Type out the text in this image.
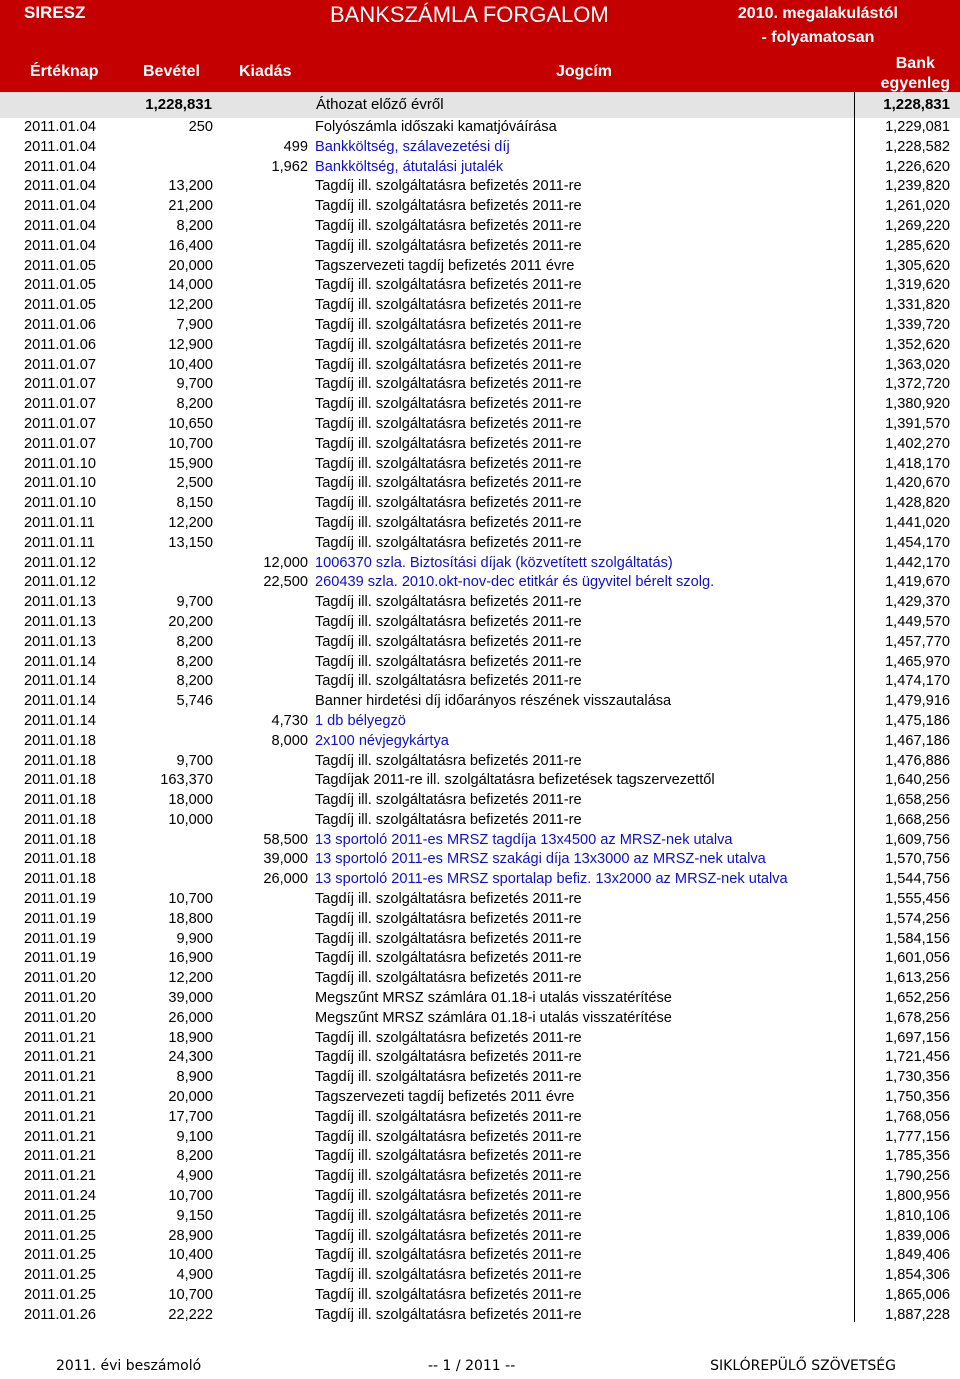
SIRESZ	BANKSZÁMLA FORGALOM	2010. megalakulástól
- folyamatosan
Értéknap	Bevétel Kiadás	Jogcím	Bank
egyenleg
1,228,831	Áthozat előző évről	1,228,831
2011.01.04	250	Folyószámla időszaki kamatjóváírása	1,229,081
2011.01.04	499 Bankköltség, szálavezetési díj	1,228,582
2011.01.04	1,962 Bankköltség, átutalási jutalék	1,226,620
2011.01.04	13,200	Tagdíj ill. szolgáltatásra befizetés 2011-re	1,239,820
2011.01.04	21,200	Tagdíj ill. szolgáltatásra befizetés 2011-re	1,261,020
2011.01.04	8,200	Tagdíj ill. szolgáltatásra befizetés 2011-re	1,269,220
2011.01.04	16,400	Tagdíj ill. szolgáltatásra befizetés 2011-re	1,285,620
2011.01.05	20,000	Tagszervezeti tagdíj befizetés 2011 évre	1,305,620
2011.01.05	14,000	Tagdíj ill. szolgáltatásra befizetés 2011-re	1,319,620
2011.01.05	12,200	Tagdíj ill. szolgáltatásra befizetés 2011-re	1,331,820
2011.01.06	7,900	Tagdíj ill. szolgáltatásra befizetés 2011-re	1,339,720
2011.01.06	12,900	Tagdíj ill. szolgáltatásra befizetés 2011-re	1,352,620
2011.01.07	10,400	Tagdíj ill. szolgáltatásra befizetés 2011-re	1,363,020
2011.01.07	9,700	Tagdíj ill. szolgáltatásra befizetés 2011-re	1,372,720
2011.01.07	8,200	Tagdíj ill. szolgáltatásra befizetés 2011-re	1,380,920
2011.01.07	10,650	Tagdíj ill. szolgáltatásra befizetés 2011-re	1,391,570
2011.01.07	10,700	Tagdíj ill. szolgáltatásra befizetés 2011-re	1,402,270
2011.01.10	15,900	Tagdíj ill. szolgáltatásra befizetés 2011-re	1,418,170
2011.01.10	2,500	Tagdíj ill. szolgáltatásra befizetés 2011-re	1,420,670
2011.01.10	8,150	Tagdíj ill. szolgáltatásra befizetés 2011-re	1,428,820
2011.01.11	12,200	Tagdíj ill. szolgáltatásra befizetés 2011-re	1,441,020
2011.01.11	13,150	Tagdíj ill. szolgáltatásra befizetés 2011-re	1,454,170
2011.01.12	12,000 1006370 szla. Biztosítási díjak (közvetített szolgáltatás)	1,442,170
2011.01.12	22,500 260439 szla. 2010.okt-nov-dec etitkár és ügyvitel bérelt szolg.	1,419,670
2011.01.13	9,700	Tagdíj ill. szolgáltatásra befizetés 2011-re	1,429,370
2011.01.13	20,200	Tagdíj ill. szolgáltatásra befizetés 2011-re	1,449,570
2011.01.13	8,200	Tagdíj ill. szolgáltatásra befizetés 2011-re	1,457,770
2011.01.14	8,200	Tagdíj ill. szolgáltatásra befizetés 2011-re	1,465,970
2011.01.14	8,200	Tagdíj ill. szolgáltatásra befizetés 2011-re	1,474,170
2011.01.14	5,746	Banner hirdetési díj időarányos részének visszautalása	1,479,916
2011.01.14	4,730 1 db bélyegzö	1,475,186
2011.01.18	8,000 2x100 névjegykártya	1,467,186
2011.01.18	9,700	Tagdíj ill. szolgáltatásra befizetés 2011-re	1,476,886
2011.01.18	163,370	Tagdíjak 2011-re ill. szolgáltatásra befizetések tagszervezettől	1,640,256
2011.01.18	18,000	Tagdíj ill. szolgáltatásra befizetés 2011-re	1,658,256
2011.01.18	10,000	Tagdíj ill. szolgáltatásra befizetés 2011-re	1,668,256
2011.01.18	58,500 13 sportoló 2011-es MRSZ tagdíja 13x4500 az MRSZ-nek utalva	1,609,756
2011.01.18	39,000 13 sportoló 2011-es MRSZ szakági díja 13x3000 az MRSZ-nek utalva	1,570,756
2011.01.18	26,000 13 sportoló 2011-es MRSZ sportalap befiz. 13x2000 az MRSZ-nek utalva	1,544,756
2011.01.19	10,700	Tagdíj ill. szolgáltatásra befizetés 2011-re	1,555,456
2011.01.19	18,800	Tagdíj ill. szolgáltatásra befizetés 2011-re	1,574,256
2011.01.19	9,900	Tagdíj ill. szolgáltatásra befizetés 2011-re	1,584,156
2011.01.19	16,900	Tagdíj ill. szolgáltatásra befizetés 2011-re	1,601,056
2011.01.20	12,200	Tagdíj ill. szolgáltatásra befizetés 2011-re	1,613,256
2011.01.20	39,000	Megszűnt MRSZ számlára 01.18-i utalás visszatérítése	1,652,256
2011.01.20	26,000	Megszűnt MRSZ számlára 01.18-i utalás visszatérítése	1,678,256
2011.01.21	18,900	Tagdíj ill. szolgáltatásra befizetés 2011-re	1,697,156
2011.01.21	24,300	Tagdíj ill. szolgáltatásra befizetés 2011-re	1,721,456
2011.01.21	8,900	Tagdíj ill. szolgáltatásra befizetés 2011-re	1,730,356
2011.01.21	20,000	Tagszervezeti tagdíj befizetés 2011 évre	1,750,356
2011.01.21	17,700	Tagdíj ill. szolgáltatásra befizetés 2011-re	1,768,056
2011.01.21	9,100	Tagdíj ill. szolgáltatásra befizetés 2011-re	1,777,156
2011.01.21	8,200	Tagdíj ill. szolgáltatásra befizetés 2011-re	1,785,356
2011.01.21	4,900	Tagdíj ill. szolgáltatásra befizetés 2011-re	1,790,256
2011.01.24	10,700	Tagdíj ill. szolgáltatásra befizetés 2011-re	1,800,956
2011.01.25	9,150	Tagdíj ill. szolgáltatásra befizetés 2011-re	1,810,106
2011.01.25	28,900	Tagdíj ill. szolgáltatásra befizetés 2011-re	1,839,006
2011.01.25	10,400	Tagdíj ill. szolgáltatásra befizetés 2011-re	1,849,406
2011.01.25	4,900	Tagdíj ill. szolgáltatásra befizetés 2011-re	1,854,306
2011.01.25	10,700	Tagdíj ill. szolgáltatásra befizetés 2011-re	1,865,006
2011.01.26	22,222	Tagdíj ill. szolgáltatásra befizetés 2011-re	1,887,228
2011. évi beszámoló	-- 1 / 2011 --	SIKLÓREPÜLŐ SZÖVETSÉG
